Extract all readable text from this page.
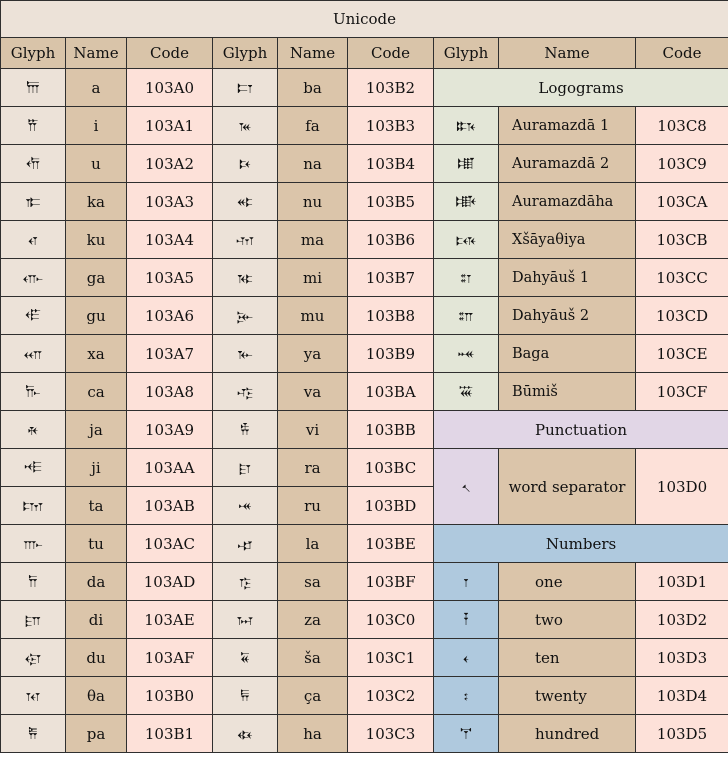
Unicode								
Glyph	Name	Code	Glyph	Name	Code	Glyph	Name	Code
𐎠	a	103A0	𐎲	ba	103B2	Logograms		
𐎡	i	103A1	𐎳	fa	103B3	𐏈	Auramazdā 1	103C8
𐎢	u	103A2	𐎴	na	103B4	𐏉	Auramazdā 2	103C9
𐎣	ka	103A3	𐎵	nu	103B5	𐏊	Auramazdāha	103CA
𐎤	ku	103A4	𐎶	ma	103B6	𐏋	Xšāyaθiya	103CB
𐎥	ga	103A5	𐎷	mi	103B7	𐏌	Dahyāuš 1	103CC
𐎦	gu	103A6	𐎸	mu	103B8	𐏍	Dahyāuš 2	103CD
𐎧	xa	103A7	𐎹	ya	103B9	𐏎	Baga	103CE
𐎨	ca	103A8	𐎺	va	103BA	𐏏	Būmiš	103CF
𐎩	ja	103A9	𐎻	vi	103BB	Punctuation		
𐎪	ji	103AA	𐎼	ra	103BC	𐏐	word separator	103D0
𐎫	ta	103AB	𐎽	ru	103BD			
𐎬	tu	103AC	𐎾	la	103BE	Numbers		
𐎭	da	103AD	𐎿	sa	103BF	𐏑	one	103D1
𐎮	di	103AE	𐏀	za	103C0	𐏒	two	103D2
𐎯	du	103AF	𐏁	ša	103C1	𐏓	ten	103D3
𐎰	θa	103B0	𐏂	ça	103C2	𐏔	twenty	103D4
𐎱	pa	103B1	𐏃	ha	103C3	𐏕	hundred	103D5
